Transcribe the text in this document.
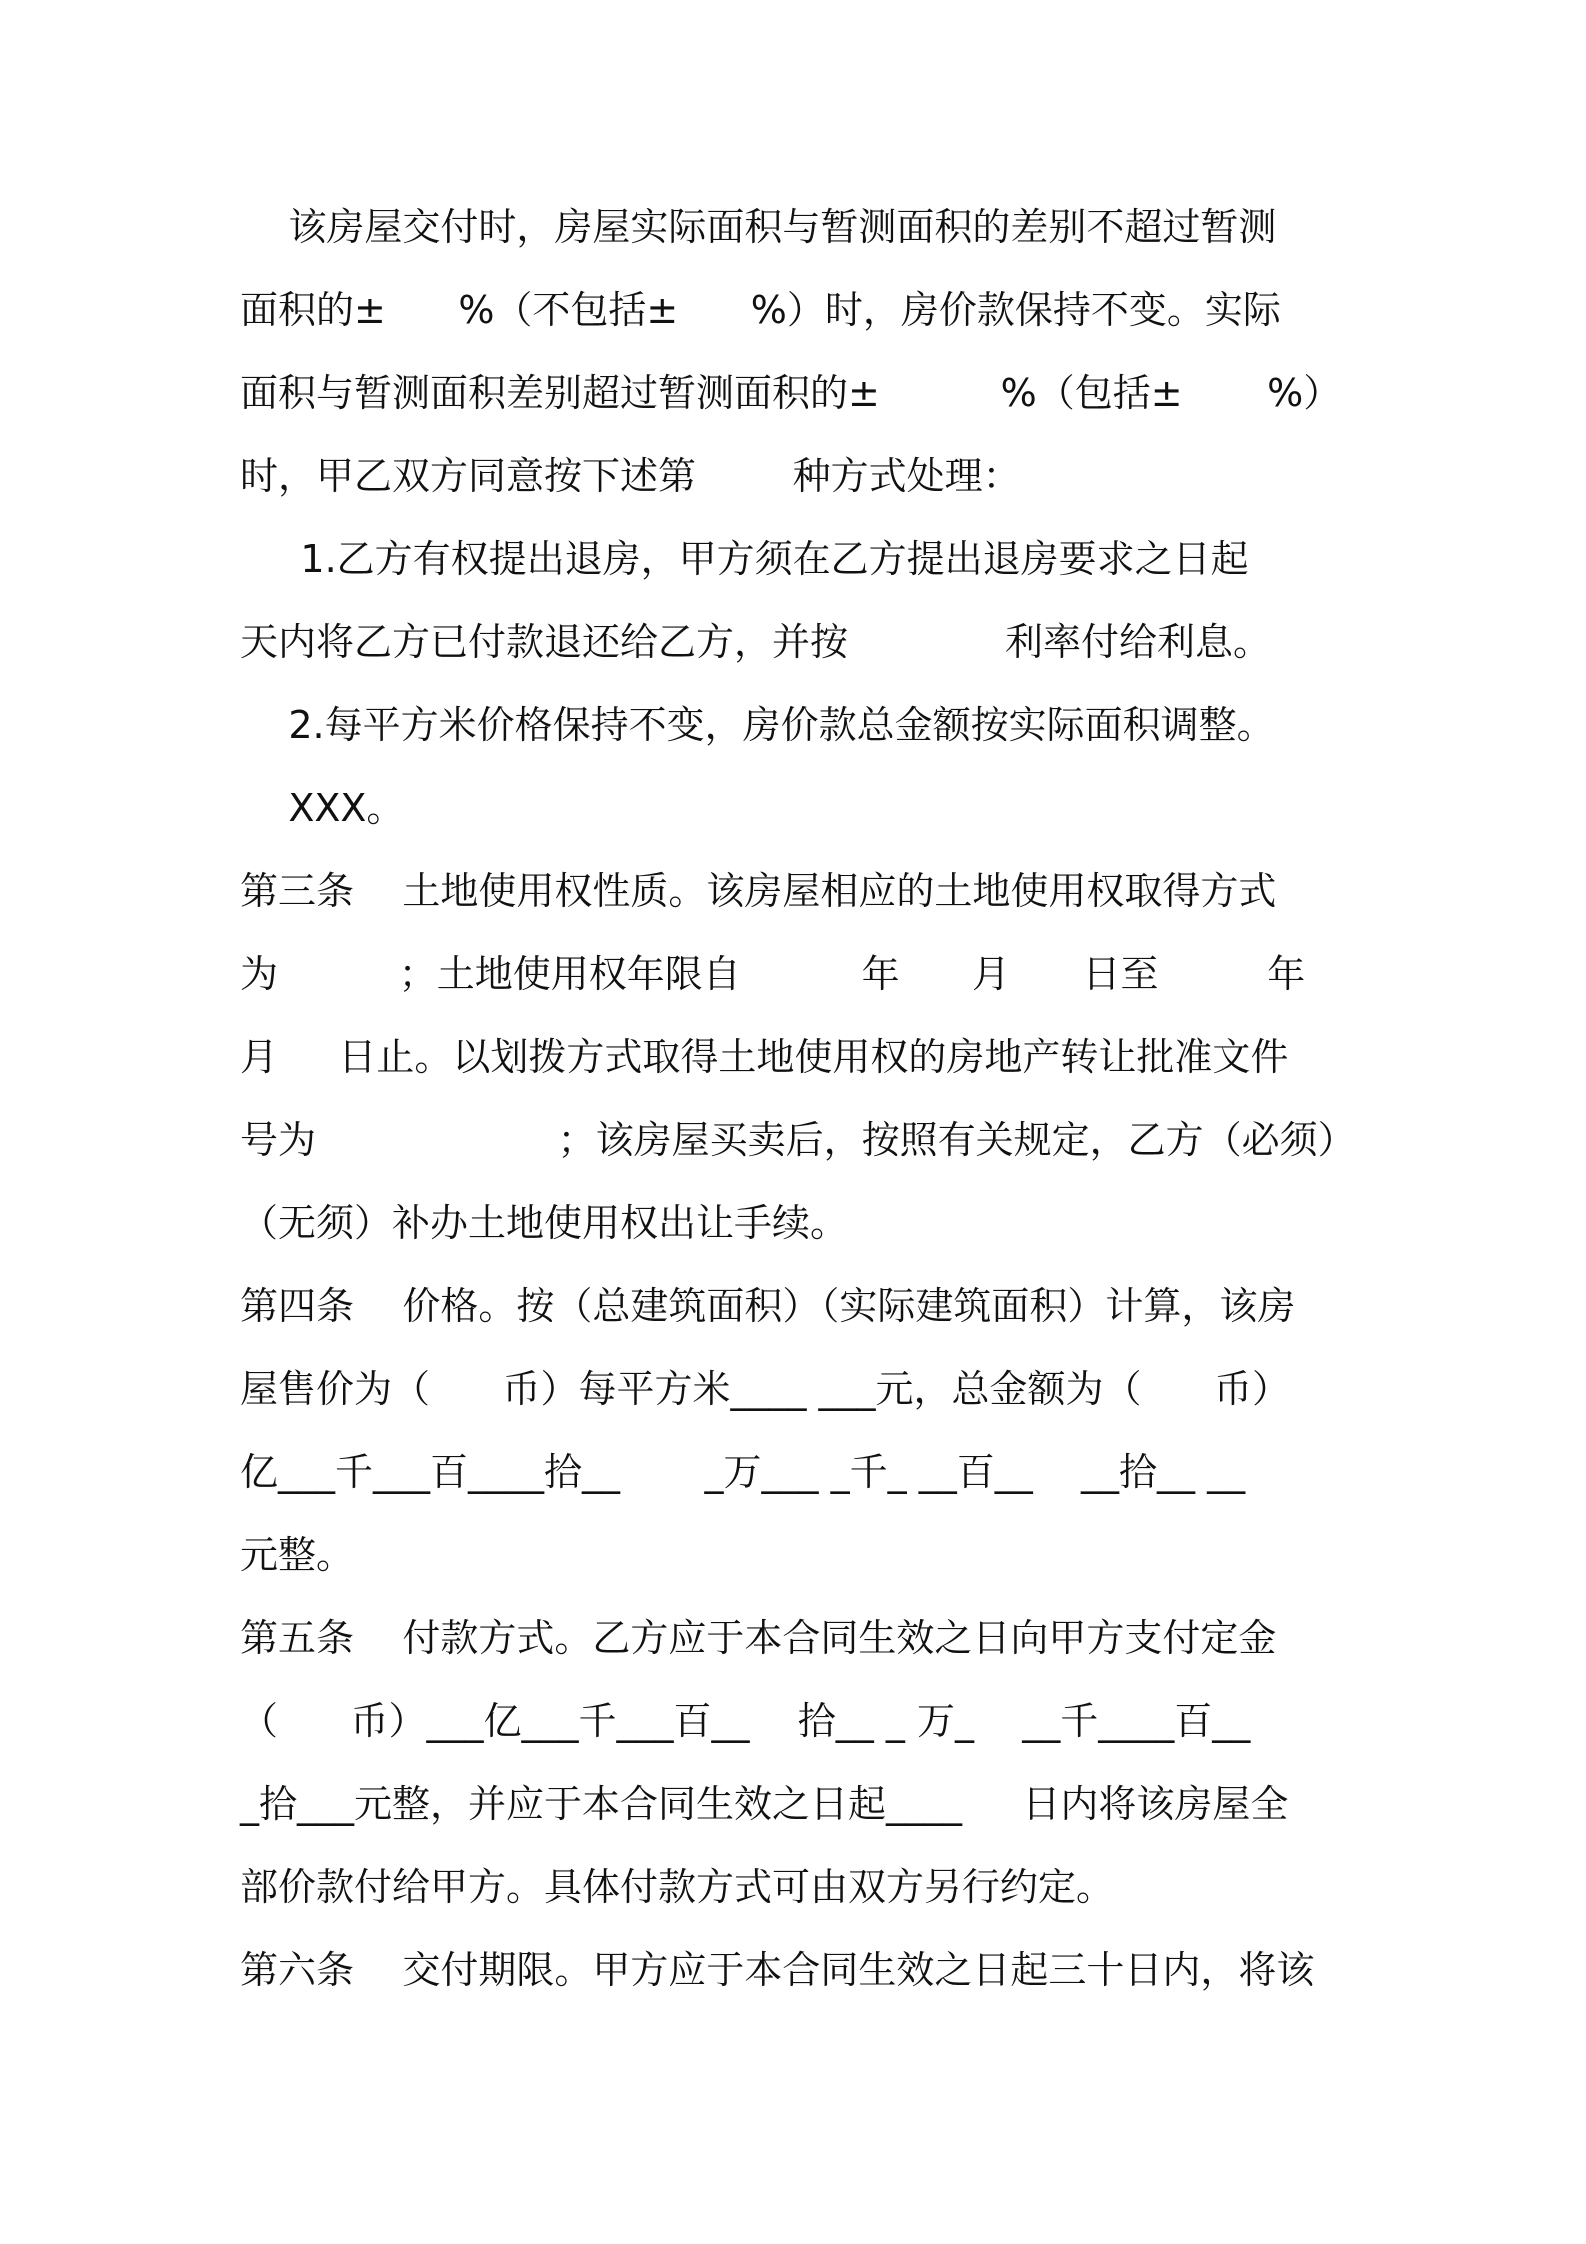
该房屋交付时，房屋实际面积与暂测面积的差别不超过暂测
面积的±      %（不包括±      %）时，房价款保持不变。实际
面积与暂测面积差别超过暂测面积的±          %（包括±       %）
时，甲乙双方同意按下述第        种方式处理：
1.乙方有权提出退房，甲方须在乙方提出退房要求之日起
天内将乙方已付款退还给乙方，并按             利率付给利息。
2.每平方米价格保持不变，房价款总金额按实际面积调整。
XXX。
第三条    土地使用权性质。该房屋相应的土地使用权取得方式
为          ；土地使用权年限自          年      月      日至         年
月     日止。以划拨方式取得土地使用权的房地产转让批准文件
号为                    ；该房屋买卖后，按照有关规定，乙方（必须）
（无须）补办土地使用权出让手续。
第四条    价格。按（总建筑面积）（实际建筑面积）计算，该房
屋售价为（      币）每平方米____ ___元，总金额为（      币）
亿___千___百____拾__       _万___ _千_ __百__    __拾__ __
元整。
第五条    付款方式。乙方应于本合同生效之日向甲方支付定金
（      币）___亿___千___百__    拾__ _ 万_    __千____百__
_拾___元整，并应于本合同生效之日起____     日内将该房屋全
部价款付给甲方。具体付款方式可由双方另行约定。
第六条    交付期限。甲方应于本合同生效之日起三十日内，将该
